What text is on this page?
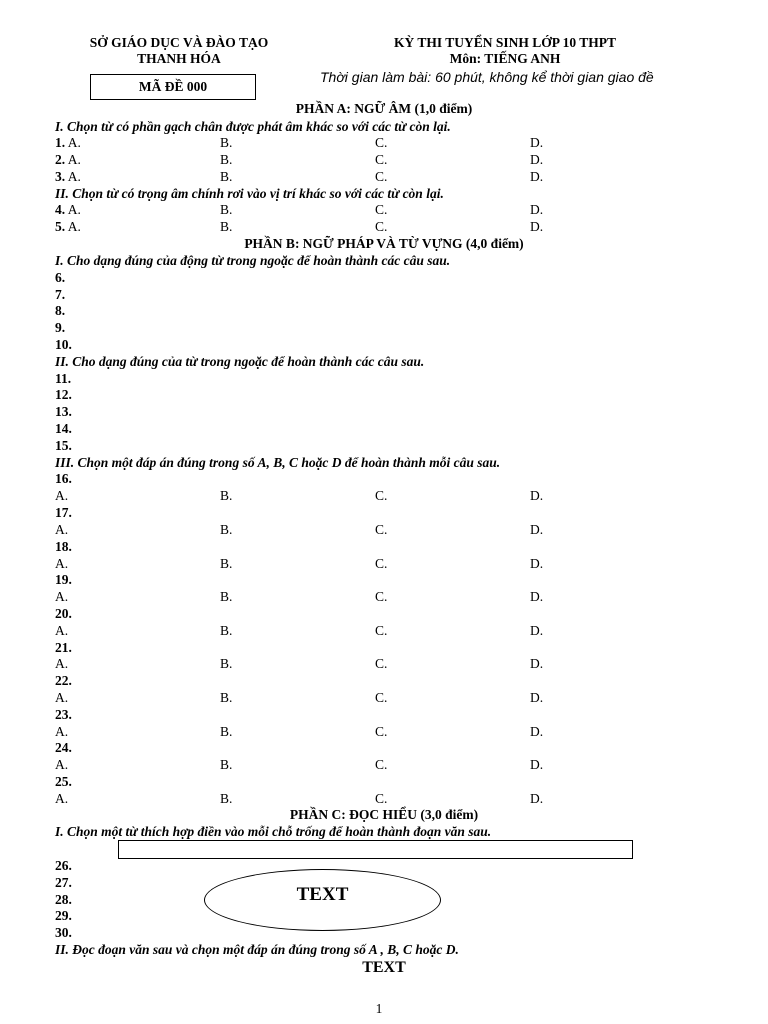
SỞ GIÁO DỤC VÀ ĐÀO TẠO
THANH HÓA
MÃ ĐỀ 000
KỲ THI TUYỂN SINH LỚP 10 THPT
Môn: TIẾNG ANH
Thời gian làm bài: 60 phút, không kể thời gian giao đề
PHẦN A: NGỮ ÂM (1,0 điểm)
I. Chọn từ có phần gạch chân được phát âm khác so với các từ còn lại.
1. A.	B.	C.	D.
2. A.	B.	C.	D.
3. A.	B.	C.	D.
II. Chọn từ có trọng âm chính rơi vào vị trí khác so với các từ còn lại.
4. A.	B.	C.	D.
5. A.	B.	C.	D.
PHẦN B: NGỮ PHÁP VÀ TỪ VỰNG (4,0 điểm)
I. Cho dạng đúng của động từ trong ngoặc để hoàn thành các câu sau.
6.
7.
8.
9.
10.
II. Cho dạng đúng của từ trong ngoặc để hoàn thành các câu sau.
11.
12.
13.
14.
15.
III. Chọn một đáp án đúng trong số A, B, C hoặc D để hoàn thành mỗi câu sau.
16.
A.	B.	C.	D.
17.
A.	B.	C.	D.
18.
A.	B.	C.	D.
19.
A.	B.	C.	D.
20.
A.	B.	C.	D.
21.
A.	B.	C.	D.
22.
A.	B.	C.	D.
23.
A.	B.	C.	D.
24.
A.	B.	C.	D.
25.
A.	B.	C.	D.
PHẦN C: ĐỌC HIỂU (3,0 điểm)
I. Chọn một từ thích hợp điền vào mỗi chỗ trống để hoàn thành đoạn văn sau.
26.
27.
28.
29.
30.
TEXT
II. Đọc đoạn văn sau và chọn một đáp án đúng trong số A , B, C hoặc D.
TEXT
1
